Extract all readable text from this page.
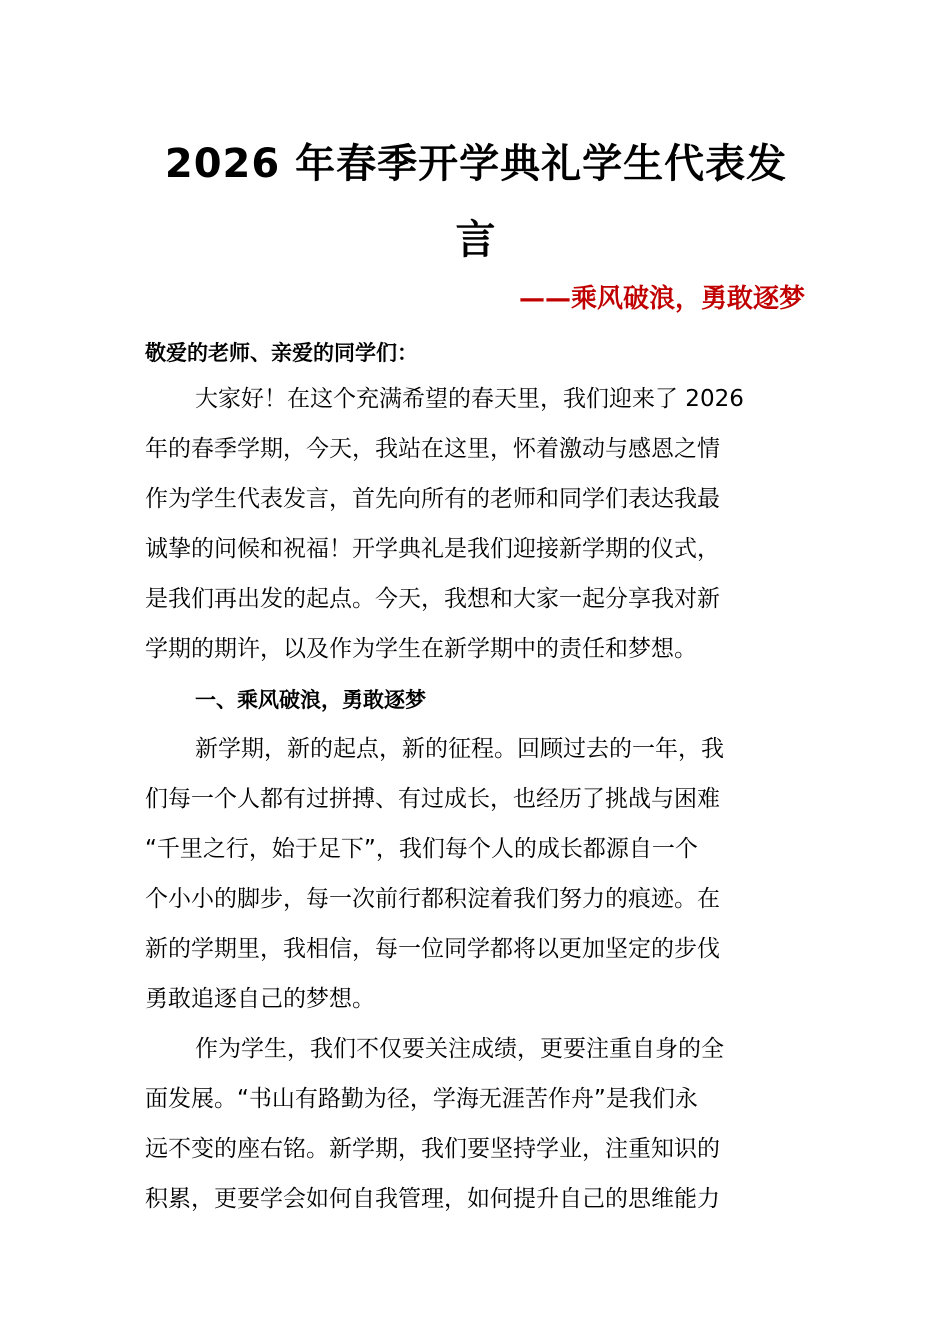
2026 年春季开学典礼学生代表发
言
——乘风破浪，勇敢逐梦
敬爱的老师、亲爱的同学们：
大家好！在这个充满希望的春天里，我们迎来了 2026
年的春季学期，今天，我站在这里，怀着激动与感恩之情
作为学生代表发言，首先向所有的老师和同学们表达我最
诚挚的问候和祝福！开学典礼是我们迎接新学期的仪式，
是我们再出发的起点。今天，我想和大家一起分享我对新
学期的期许，以及作为学生在新学期中的责任和梦想。
一、乘风破浪，勇敢逐梦
新学期，新的起点，新的征程。回顾过去的一年，我
们每一个人都有过拼搏、有过成长，也经历了挑战与困难
“千里之行，始于足下”，我们每个人的成长都源自一个
个小小的脚步，每一次前行都积淀着我们努力的痕迹。在
新的学期里，我相信，每一位同学都将以更加坚定的步伐
勇敢追逐自己的梦想。
作为学生，我们不仅要关注成绩，更要注重自身的全
面发展。“书山有路勤为径，学海无涯苦作舟”是我们永
远不变的座右铭。新学期，我们要坚持学业，注重知识的
积累，更要学会如何自我管理，如何提升自己的思维能力
